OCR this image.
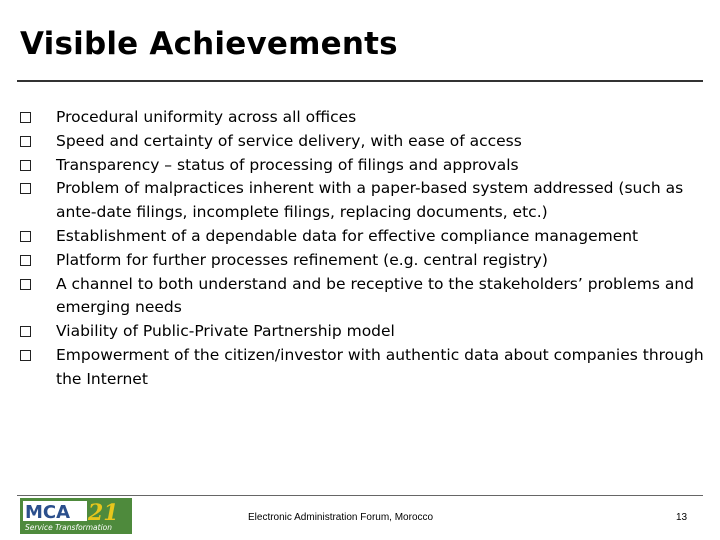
Visible Achievements
Procedural uniformity across all offices
Speed and certainty of service delivery, with ease of access
Transparency – status of processing of filings and approvals
Problem of malpractices inherent with a paper-based system addressed (such as ante-date filings, incomplete filings, replacing documents, etc.)
Establishment of a dependable data for effective compliance management
Platform for further processes refinement (e.g. central registry)
A channel to both understand and be receptive to the stakeholders’ problems and emerging needs
Viability of Public-Private Partnership model
Empowerment of the citizen/investor with authentic data about companies through the Internet
MCA 21
Service Transformation
Electronic Administration Forum, Morocco	13
